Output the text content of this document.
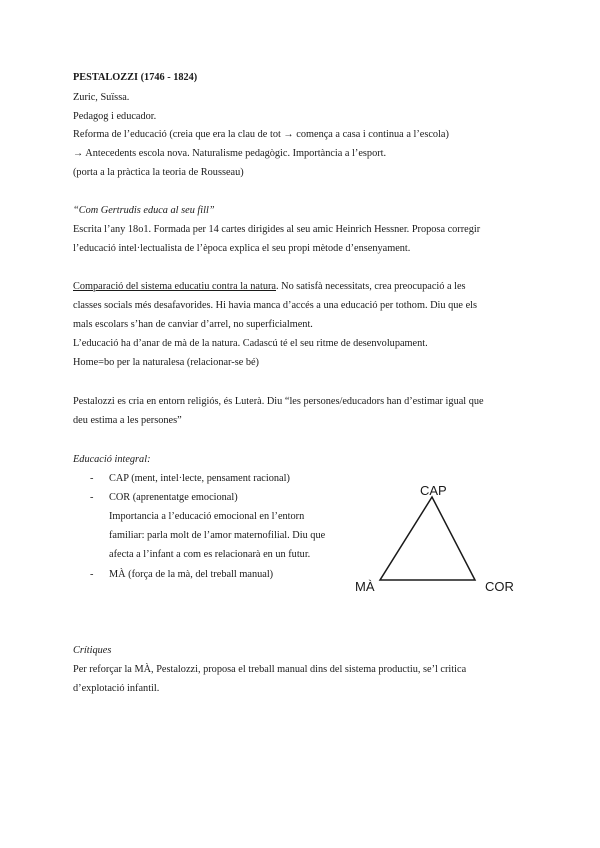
PESTALOZZI (1746 - 1824)
Zuric, Suïssa.
Pedagog i educador.
Reforma de l’educació (creia que era la clau de tot → comença a casa i continua a l’escola)
→ Antecedents escola nova. Naturalisme pedagògic. Importància a l’esport.
(porta a la pràctica la teoria de Rousseau)
“Com Gertrudis educa al seu fill”
Escrita l’any 18o1. Formada per 14 cartes dirigides al seu amic Heinrich Hessner. Proposa corregir
l’educació intel·lectualista de l’època explica el seu propi mètode d’ensenyament.
Comparació del sistema educatiu contra la natura. No satisfà necessitats, crea preocupació a les
classes socials més desafavorides. Hi havia manca d’accés a una educació per tothom. Diu que els
mals escolars s’han de canviar d’arrel, no superficialment.
L’educació ha d’anar de mà de la natura. Cadascú té el seu ritme de desenvolupament.
Home=bo per la naturalesa (relacionar-se bé)
Pestalozzi es cria en entorn religiós, és Luterà. Diu “les persones/educadors han d’estimar igual que
deu estima a les persones”
Educació integral:
- CAP (ment, intel·lecte, pensament racional)
- COR (aprenentatge emocional)
Importancia a l’educació emocional en l’entorn
familiar: parla molt de l’amor maternofilial. Diu que
afecta a l’infant a com es relacionarà en un futur.
- MÀ (força de la mà, del treball manual)
CAP
MÀ	COR
Crítiques
Per reforçar la MÀ, Pestalozzi, proposa el treball manual dins del sistema productiu, se’l critica
d’explotació infantil.
